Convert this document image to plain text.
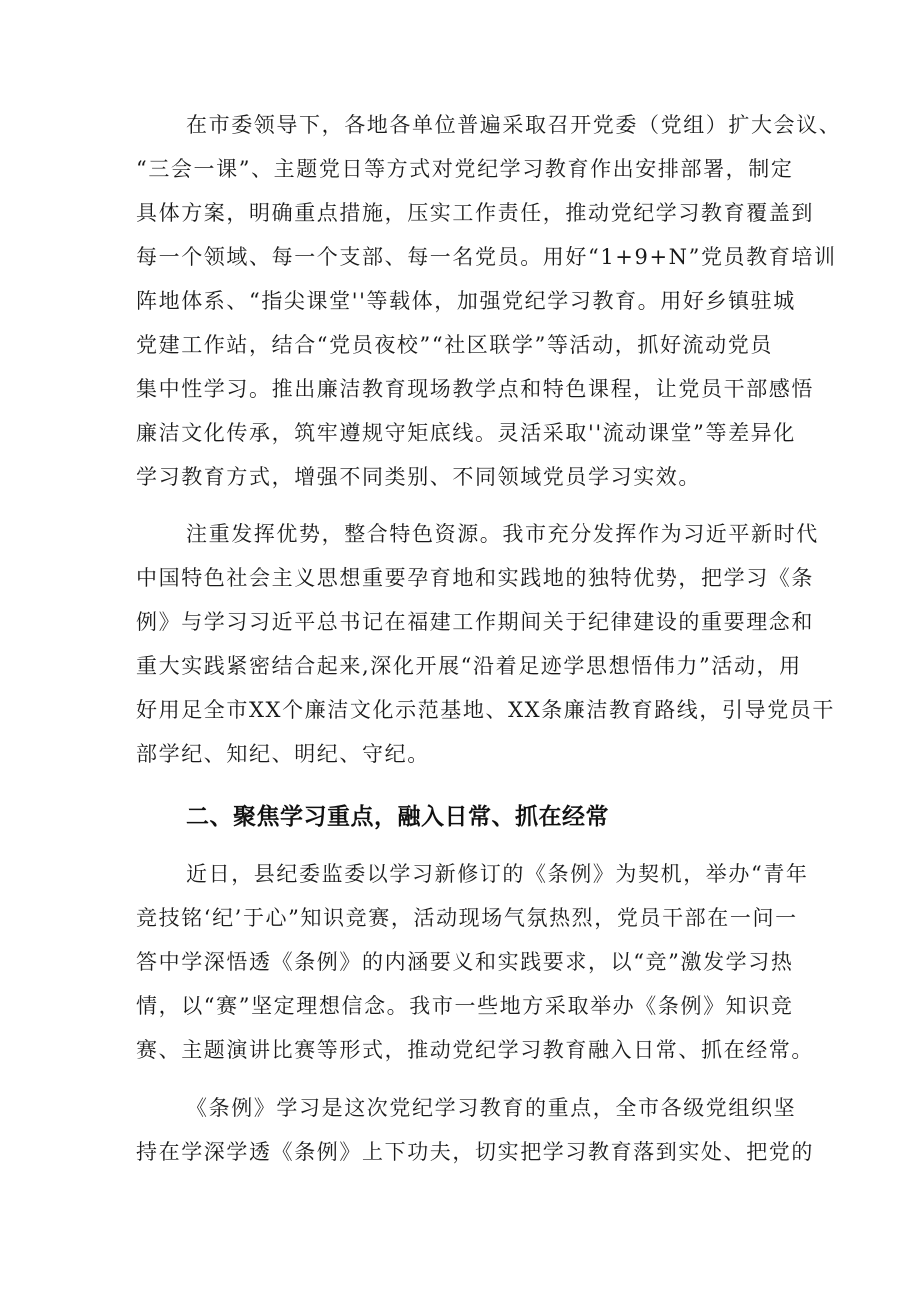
在市委领导下，各地各单位普遍采取召开党委（党组）扩大会议、
“三会一课”、主题党日等方式对党纪学习教育作出安排部署，制定
具体方案，明确重点措施，压实工作责任，推动党纪学习教育覆盖到
每一个领域、每一个支部、每一名党员。用好“1+9+N”党员教育培训
阵地体系、“指尖课堂''等载体，加强党纪学习教育。用好乡镇驻城
党建工作站，结合“党员夜校”“社区联学”等活动，抓好流动党员
集中性学习。推出廉洁教育现场教学点和特色课程，让党员干部感悟
廉洁文化传承，筑牢遵规守矩底线。灵活采取''流动课堂”等差异化
学习教育方式，增强不同类别、不同领域党员学习实效。
注重发挥优势，整合特色资源。我市充分发挥作为习近平新时代
中国特色社会主义思想重要孕育地和实践地的独特优势，把学习《条
例》与学习习近平总书记在福建工作期间关于纪律建设的重要理念和
重大实践紧密结合起来,深化开展“沿着足迹学思想悟伟力”活动，用
好用足全市XX个廉洁文化示范基地、XX条廉洁教育路线，引导党员干
部学纪、知纪、明纪、守纪。
二、聚焦学习重点，融入日常、抓在经常
近日，县纪委监委以学习新修订的《条例》为契机，举办“青年
竞技铭‘纪’于心”知识竞赛，活动现场气氛热烈，党员干部在一问一
答中学深悟透《条例》的内涵要义和实践要求，以“竞”激发学习热
情，以“赛”坚定理想信念。我市一些地方采取举办《条例》知识竞
赛、主题演讲比赛等形式，推动党纪学习教育融入日常、抓在经常。
《条例》学习是这次党纪学习教育的重点，全市各级党组织坚
持在学深学透《条例》上下功夫，切实把学习教育落到实处、把党的
